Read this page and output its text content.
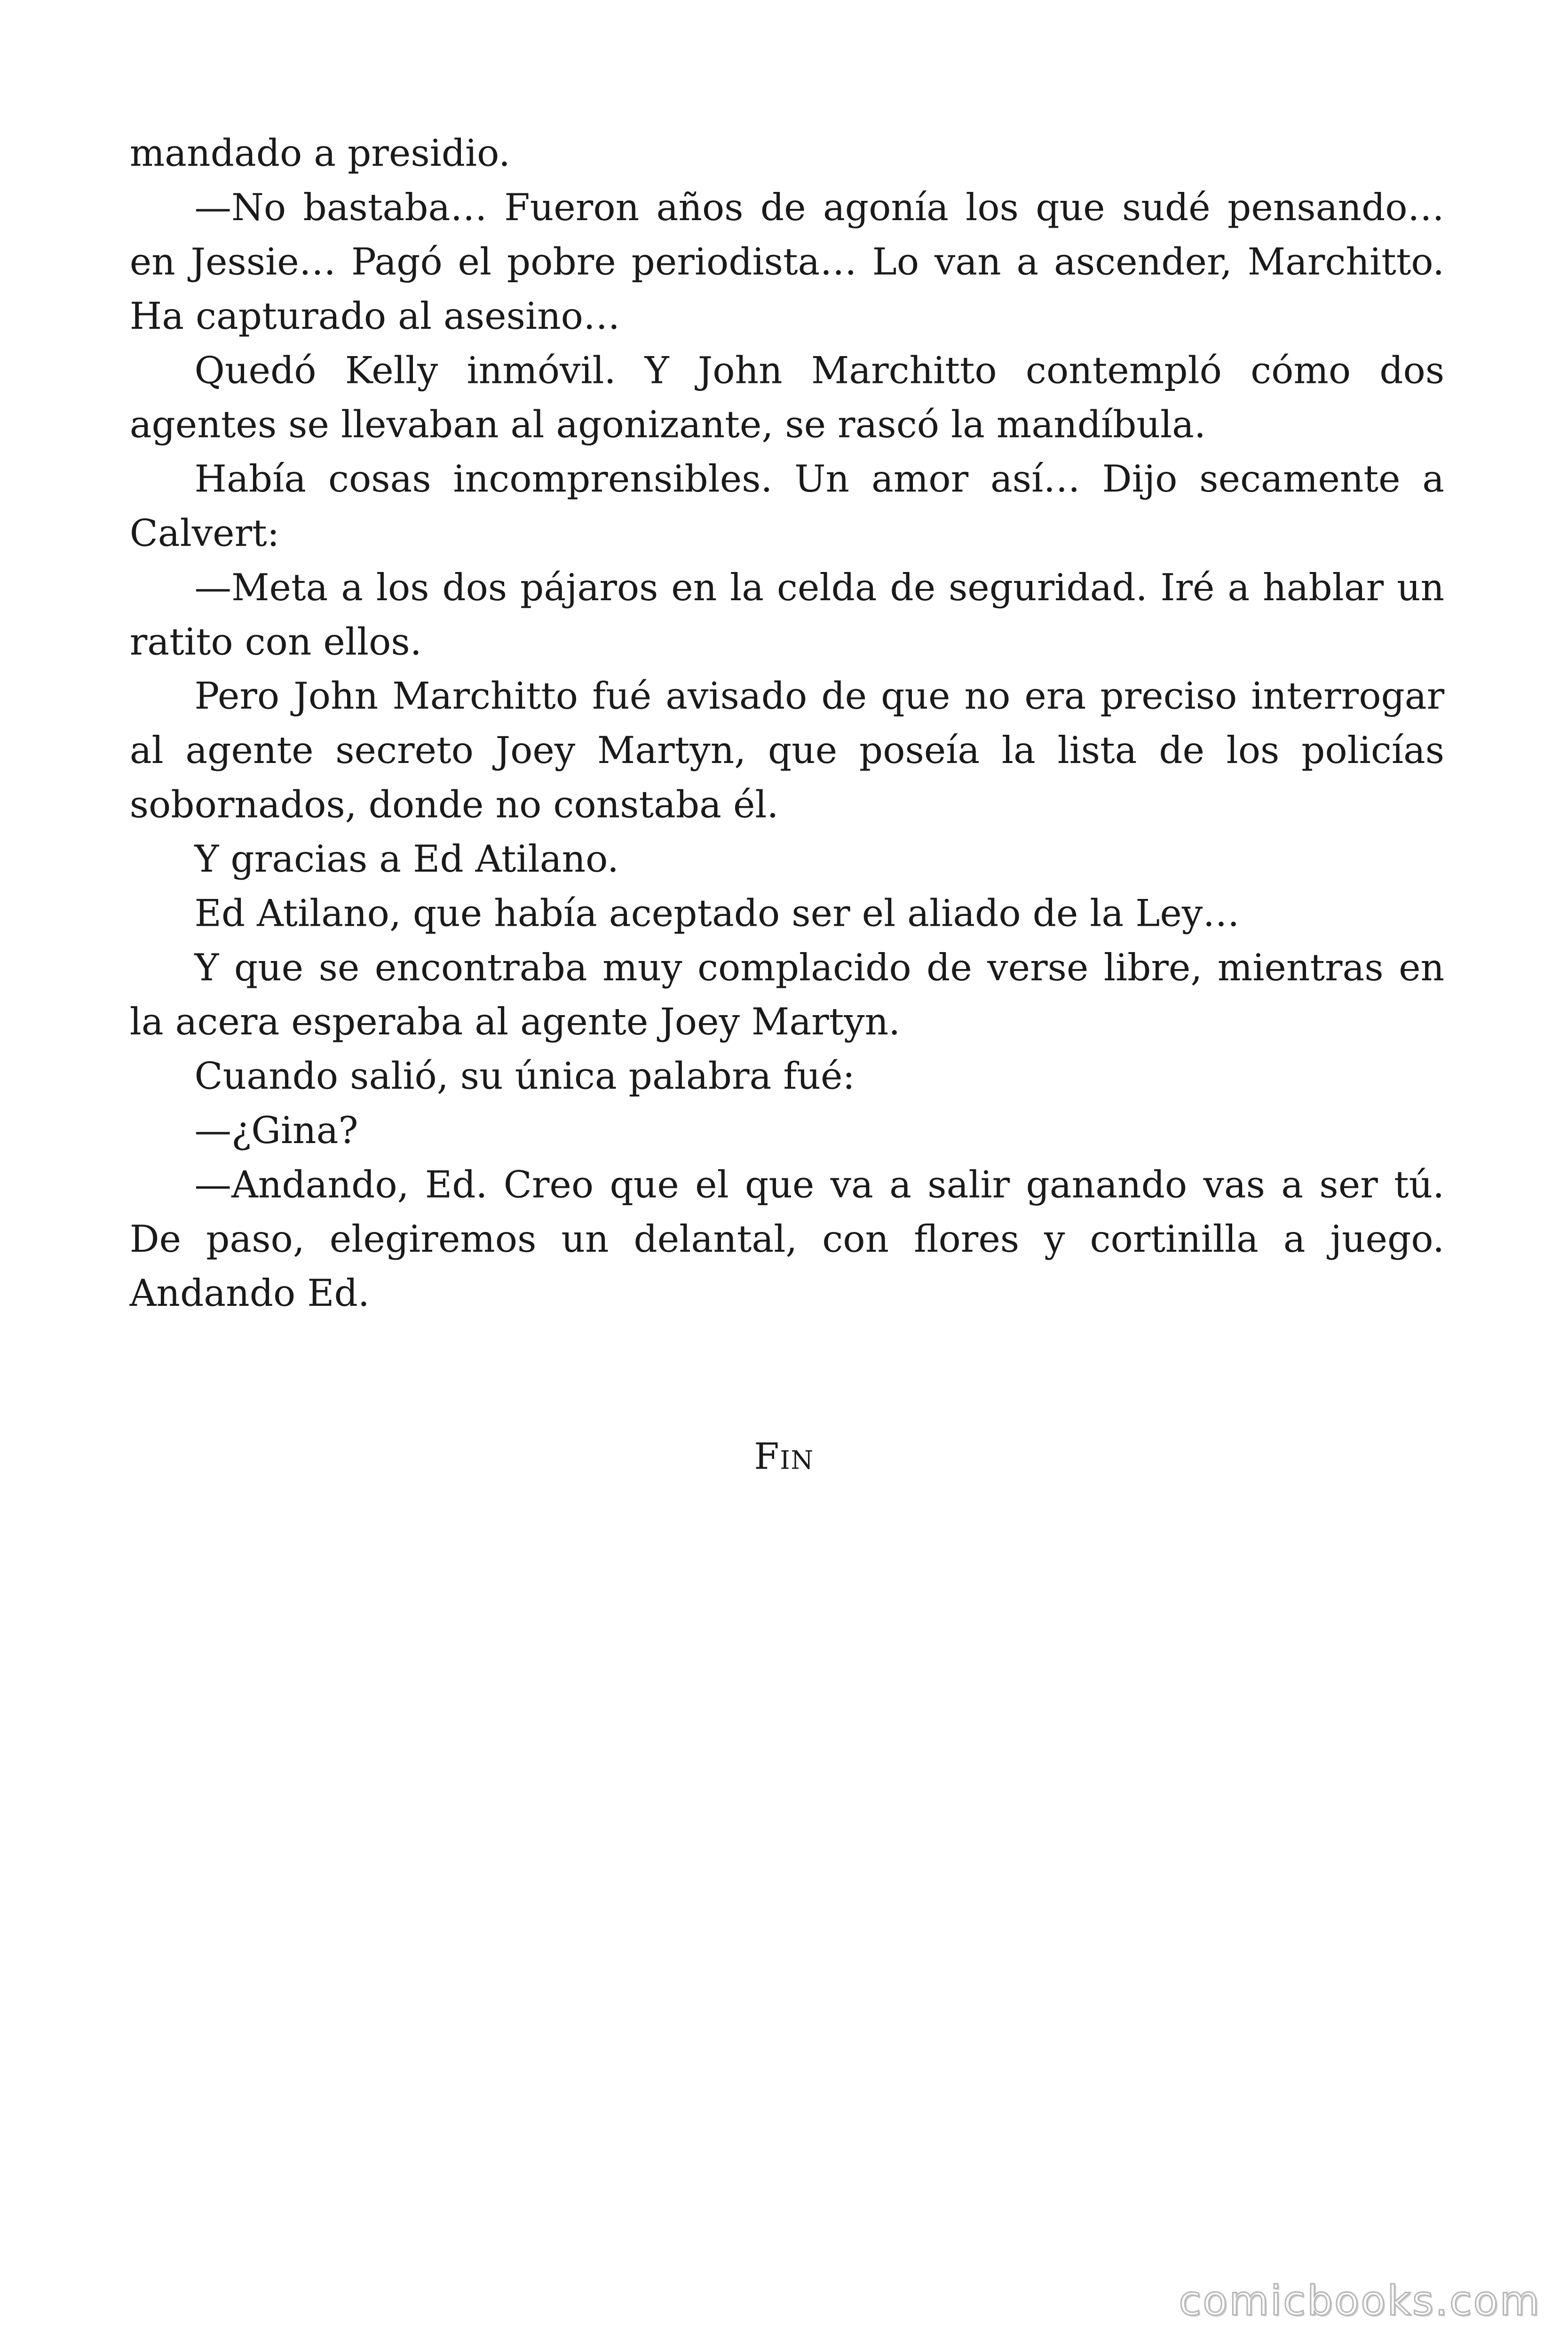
mandado a presidio.

—No bastaba… Fueron años de agonía los que sudé pensando… en Jessie… Pagó el pobre periodista… Lo van a ascender, Marchitto. Ha capturado al asesino…

Quedó Kelly inmóvil. Y John Marchitto contempló cómo dos agentes se llevaban al agonizante, se rascó la mandíbula.

Había cosas incomprensibles. Un amor así… Dijo secamente a Calvert:

—Meta a los dos pájaros en la celda de seguridad. Iré a hablar un ratito con ellos.

Pero John Marchitto fué avisado de que no era preciso interrogar al agente secreto Joey Martyn, que poseía la lista de los policías sobornados, donde no constaba él.

Y gracias a Ed Atilano.

Ed Atilano, que había aceptado ser el aliado de la Ley…

Y que se encontraba muy complacido de verse libre, mientras en la acera esperaba al agente Joey Martyn.

Cuando salió, su única palabra fué:

—¿Gina?

—Andando, Ed. Creo que el que va a salir ganando vas a ser tú. De paso, elegiremos un delantal, con flores y cortinilla a juego. Andando Ed.

Fin
comicbooks.com
